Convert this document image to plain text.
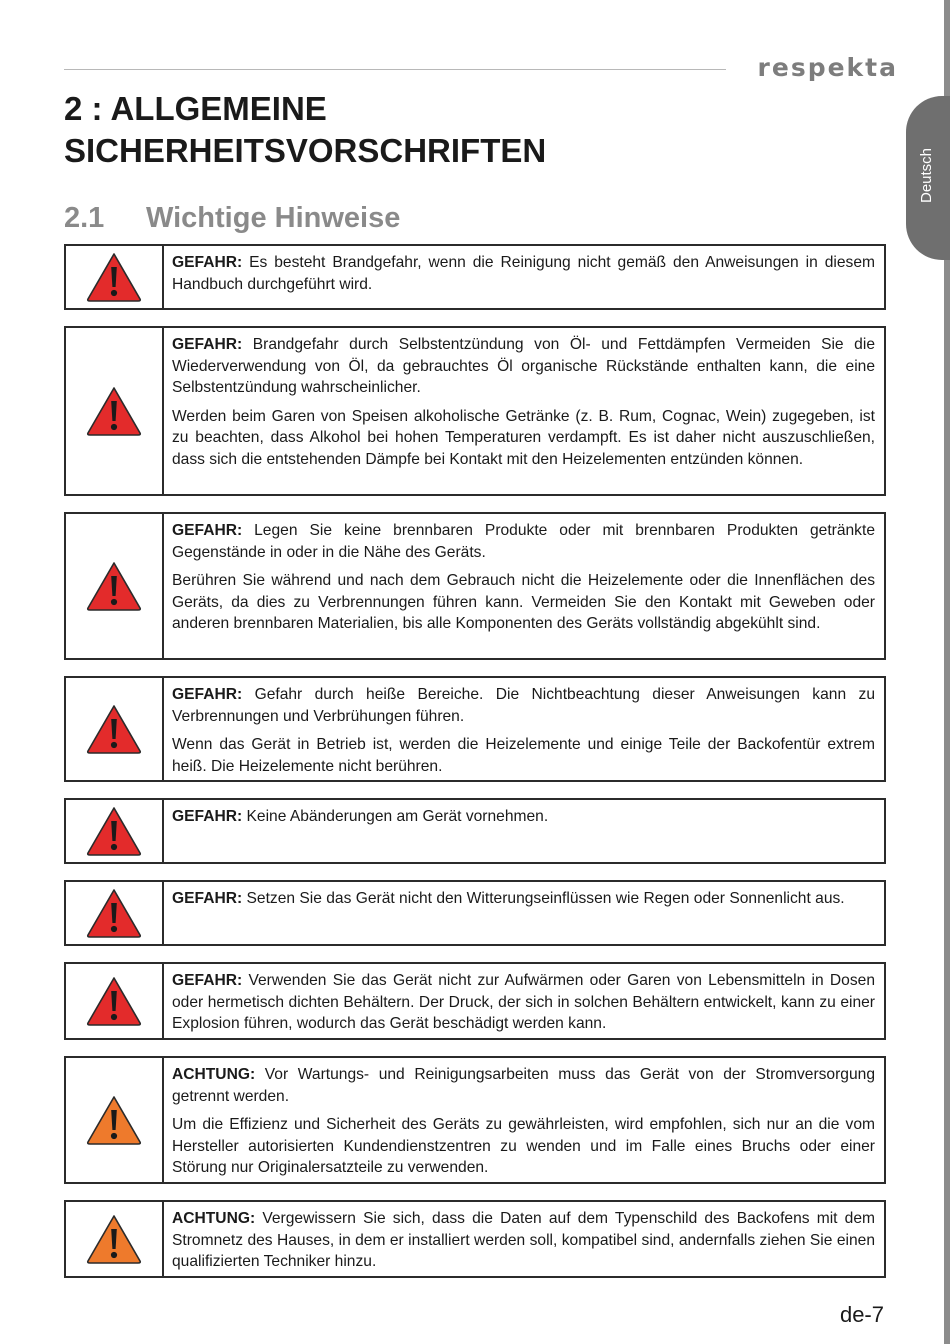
Deutsch
respekta
2 : ALLGEMEINE
SICHERHEITSVORSCHRIFTEN
2.1 Wichtige Hinweise

GEFAHR: Es besteht Brandgefahr, wenn die Reinigung nicht gemäß den Anweisungen in diesem Handbuch durchgeführt wird.

GEFAHR: Brandgefahr durch Selbstentzündung von Öl- und Fettdämpfen Vermeiden Sie die Wiederverwendung von Öl, da gebrauchtes Öl organische Rückstände enthalten kann, die eine Selbstentzündung wahrscheinlicher.

Werden beim Garen von Speisen alkoholische Getränke (z. B. Rum, Cognac, Wein) zugegeben, ist zu beachten, dass Alkohol bei hohen Temperaturen verdampft. Es ist daher nicht auszuschließen, dass sich die entstehenden Dämpfe bei Kontakt mit den Heizelementen entzünden können.

GEFAHR: Legen Sie keine brennbaren Produkte oder mit brennbaren Produkten getränkte Gegenstände in oder in die Nähe des Geräts.

Berühren Sie während und nach dem Gebrauch nicht die Heizelemente oder die Innenflächen des Geräts, da dies zu Verbrennungen führen kann. Vermeiden Sie den Kontakt mit Geweben oder anderen brennbaren Materialien, bis alle Komponenten des Geräts vollständig abgekühlt sind.

GEFAHR: Gefahr durch heiße Bereiche. Die Nichtbeachtung dieser Anweisungen kann zu Verbrennungen und Verbrühungen führen.

Wenn das Gerät in Betrieb ist, werden die Heizelemente und einige Teile der Backofentür extrem heiß. Die Heizelemente nicht berühren.

GEFAHR: Keine Abänderungen am Gerät vornehmen.

GEFAHR: Setzen Sie das Gerät nicht den Witterungseinflüssen wie Regen oder Sonnenlicht aus.

GEFAHR: Verwenden Sie das Gerät nicht zur Aufwärmen oder Garen von Lebensmitteln in Dosen oder hermetisch dichten Behältern. Der Druck, der sich in solchen Behältern entwickelt, kann zu einer Explosion führen, wodurch das Gerät beschädigt werden kann.

ACHTUNG: Vor Wartungs- und Reinigungsarbeiten muss das Gerät von der Stromversorgung getrennt werden.

Um die Effizienz und Sicherheit des Geräts zu gewährleisten, wird empfohlen, sich nur an die vom Hersteller autorisierten Kundendienstzentren zu wenden und im Falle eines Bruchs oder einer Störung nur Originalersatzteile zu verwenden.

ACHTUNG: Vergewissern Sie sich, dass die Daten auf dem Typenschild des Backofens mit dem Stromnetz des Hauses, in dem er installiert werden soll, kompatibel sind, andernfalls ziehen Sie einen qualifizierten Techniker hinzu.

de-7
